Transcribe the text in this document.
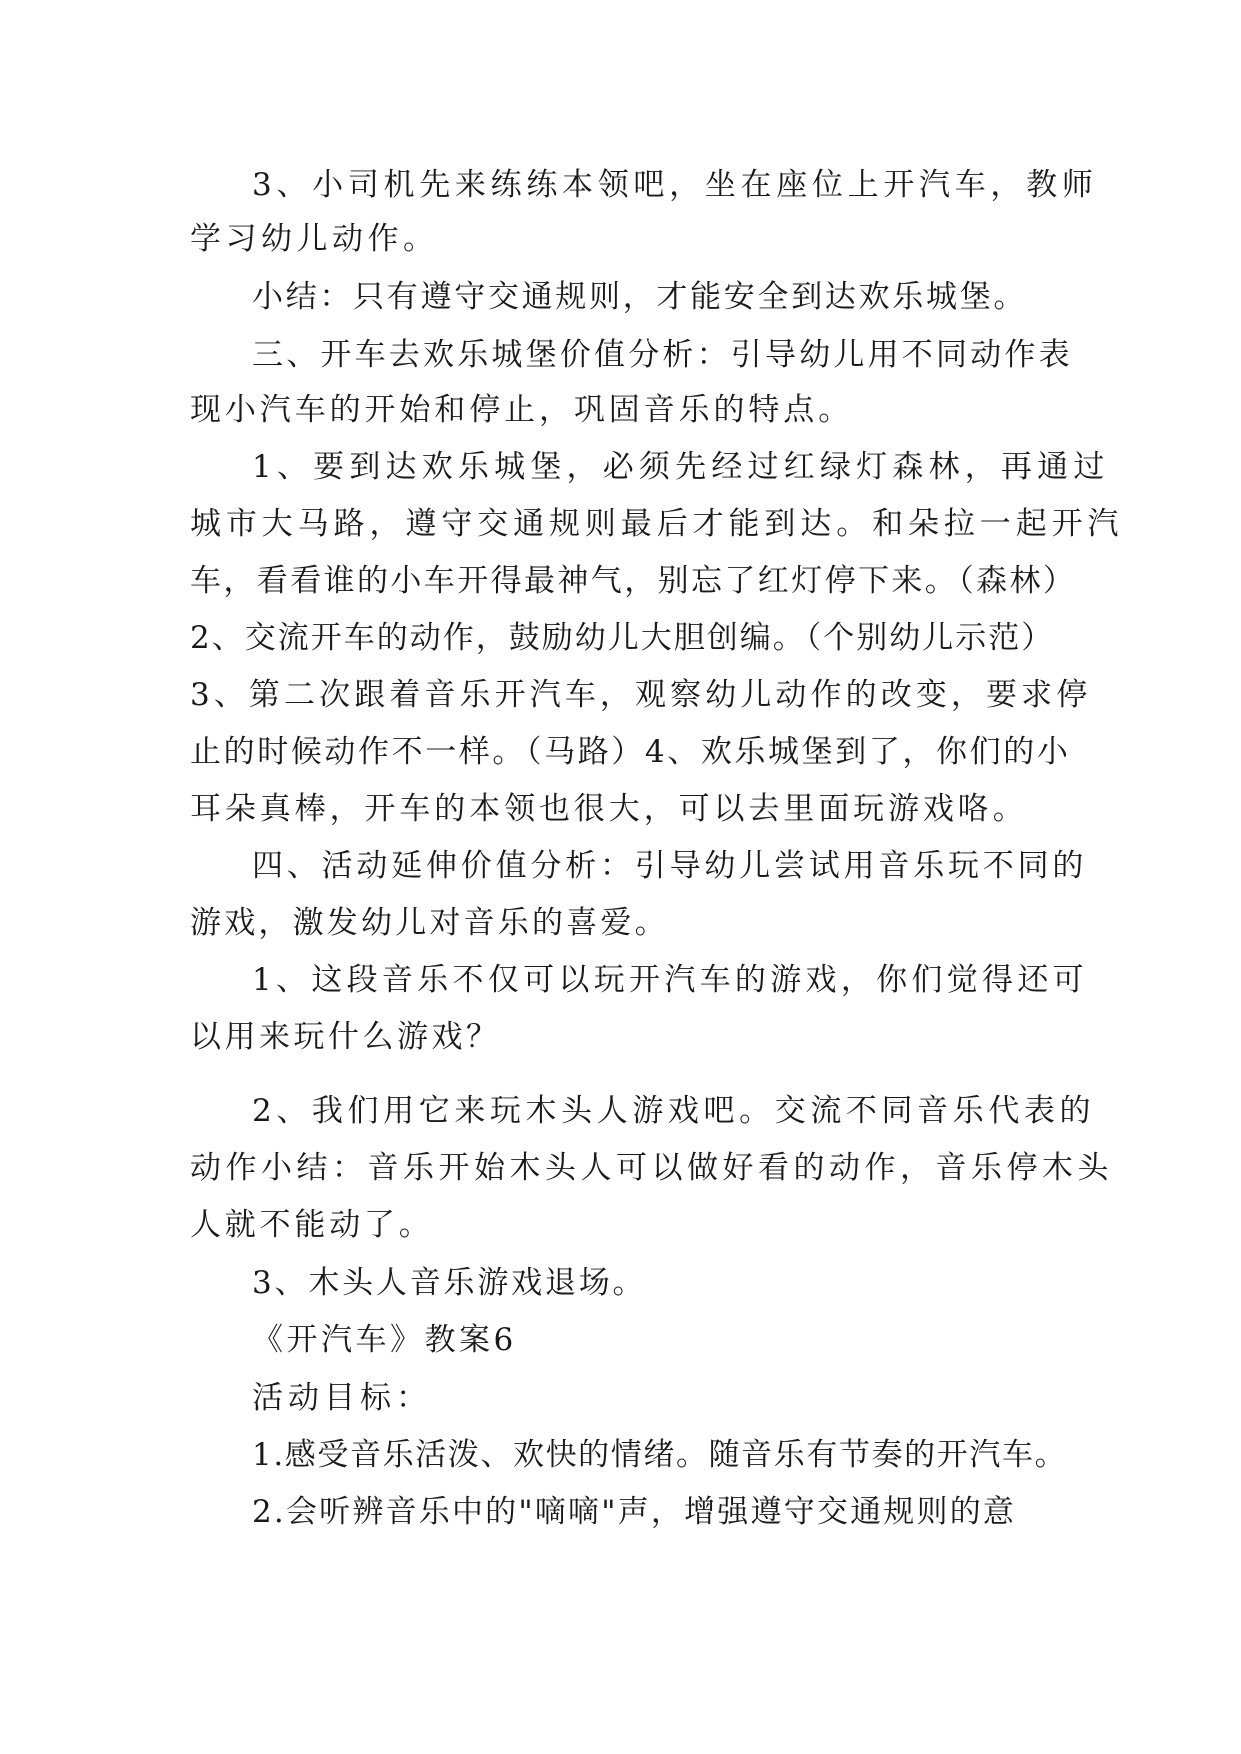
3、小司机先来练练本领吧，坐在座位上开汽车，教师
学习幼儿动作。
小结：只有遵守交通规则，才能安全到达欢乐城堡。
三、开车去欢乐城堡价值分析：引导幼儿用不同动作表
现小汽车的开始和停止，巩固音乐的特点。
1、要到达欢乐城堡，必须先经过红绿灯森林，再通过
城市大马路，遵守交通规则最后才能到达。和朵拉一起开汽
车，看看谁的小车开得最神气，别忘了红灯停下来。（森林）
2、交流开车的动作，鼓励幼儿大胆创编。（个别幼儿示范）
3、第二次跟着音乐开汽车，观察幼儿动作的改变，要求停
止的时候动作不一样。（马路）4、欢乐城堡到了，你们的小
耳朵真棒，开车的本领也很大，可以去里面玩游戏咯。
四、活动延伸价值分析：引导幼儿尝试用音乐玩不同的
游戏，激发幼儿对音乐的喜爱。
1、这段音乐不仅可以玩开汽车的游戏，你们觉得还可
以用来玩什么游戏？
2、我们用它来玩木头人游戏吧。交流不同音乐代表的
动作小结：音乐开始木头人可以做好看的动作，音乐停木头
人就不能动了。
3、木头人音乐游戏退场。
《开汽车》教案6
活动目标：
1.感受音乐活泼、欢快的情绪。随音乐有节奏的开汽车。
2.会听辨音乐中的"嘀嘀"声，增强遵守交通规则的意
